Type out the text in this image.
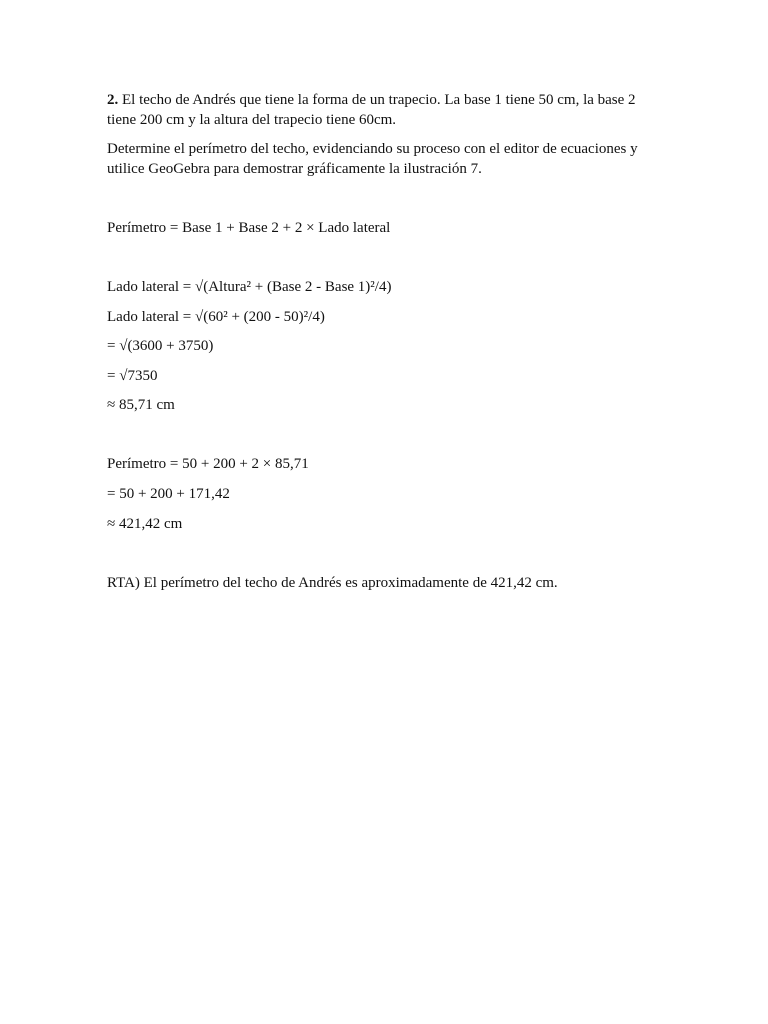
2. El techo de Andrés que tiene la forma de un trapecio. La base 1 tiene 50 cm, la base 2 tiene 200 cm y la altura del trapecio tiene 60cm.

Determine el perímetro del techo, evidenciando su proceso con el editor de ecuaciones y utilice GeoGebra para demostrar gráficamente la ilustración 7.

Perímetro = Base 1 + Base 2 + 2 × Lado lateral

Lado lateral = √(Altura² + (Base 2 - Base 1)²/4)

Lado lateral = √(60² + (200 - 50)²/4)

= √(3600 + 3750)

= √7350

≈ 85,71 cm

Perímetro = 50 + 200 + 2 × 85,71

= 50 + 200 + 171,42

≈ 421,42 cm

RTA) El perímetro del techo de Andrés es aproximadamente de 421,42 cm.
